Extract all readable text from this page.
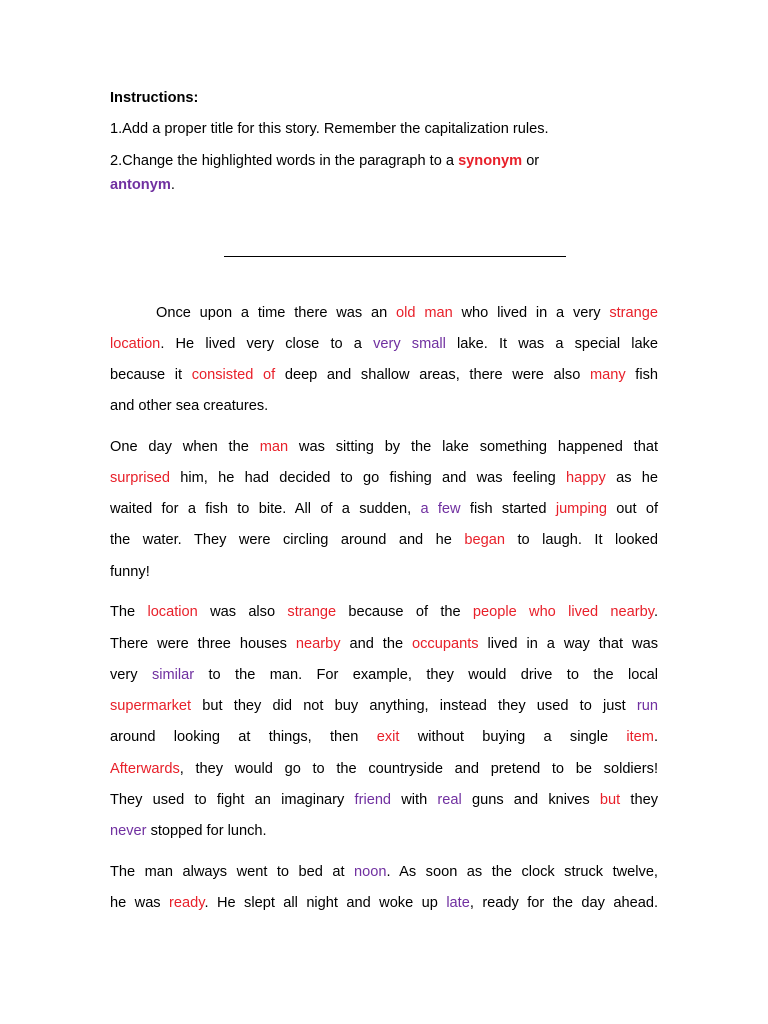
Instructions:
1.Add a proper title for this story. Remember the capitalization rules.
2.Change the highlighted words in the paragraph to a synonym or
antonym.
Once upon a time there was an old man who lived in a very strange
location. He lived very close to a very small lake. It was a special lake
because it consisted of deep and shallow areas, there were also many fish
and other sea creatures.
One day when the man was sitting by the lake something happened that
surprised him, he had decided to go fishing and was feeling happy as he
waited for a fish to bite. All of a sudden, a few fish started jumping out of
the water. They were circling around and he began to laugh. It looked
funny!
The location was also strange because of the people who lived nearby.
There were three houses nearby and the occupants lived in a way that was
very similar to the man. For example, they would drive to the local
supermarket but they did not buy anything, instead they used to just run
around looking at things, then exit without buying a single item.
Afterwards, they would go to the countryside and pretend to be soldiers!
They used to fight an imaginary friend with real guns and knives but they
never stopped for lunch.
The man always went to bed at noon. As soon as the clock struck twelve,
he was ready. He slept all night and woke up late, ready for the day ahead.
